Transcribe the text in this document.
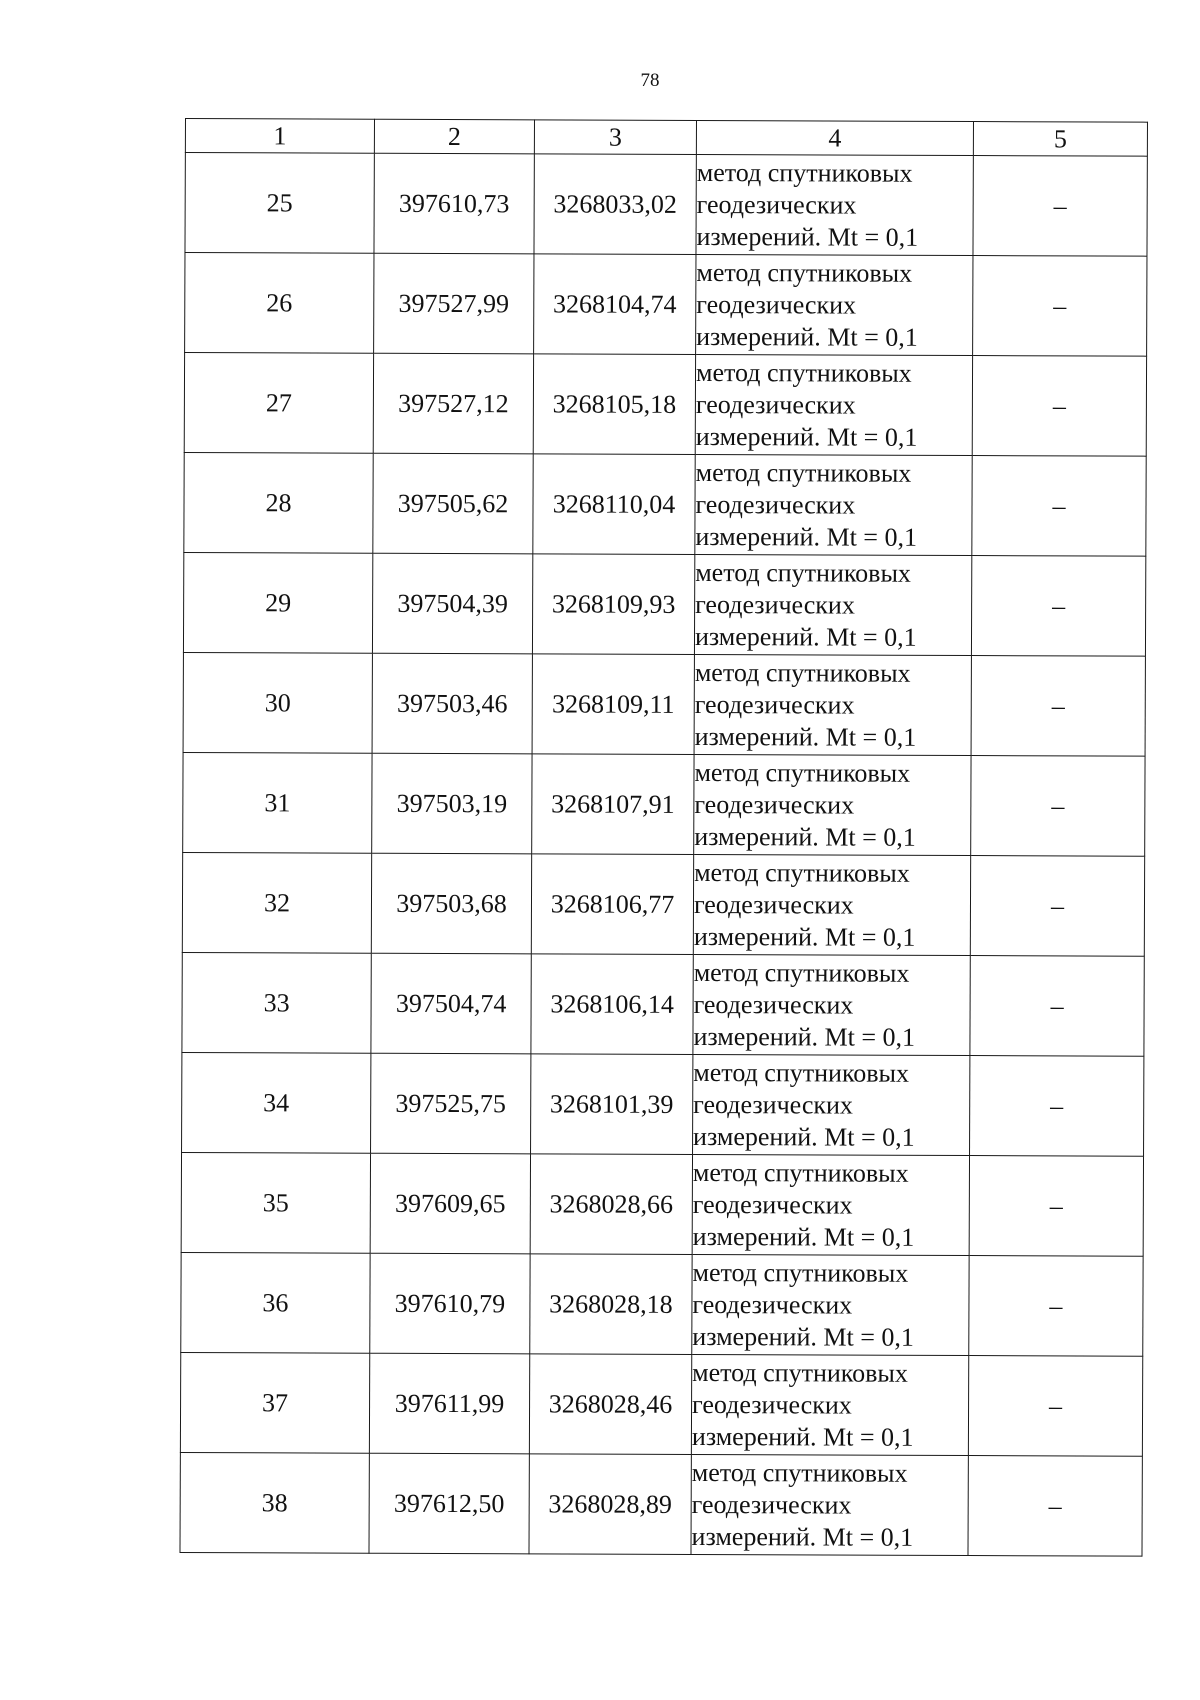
78
1	2	3	4	5
25	397610,73	3268033,02	метод спутниковых
геодезических
измерений. Mt = 0,1	–
26	397527,99	3268104,74	метод спутниковых
геодезических
измерений. Mt = 0,1	–
27	397527,12	3268105,18	метод спутниковых
геодезических
измерений. Mt = 0,1	–
28	397505,62	3268110,04	метод спутниковых
геодезических
измерений. Mt = 0,1	–
29	397504,39	3268109,93	метод спутниковых
геодезических
измерений. Mt = 0,1	–
30	397503,46	3268109,11	метод спутниковых
геодезических
измерений. Mt = 0,1	–
31	397503,19	3268107,91	метод спутниковых
геодезических
измерений. Mt = 0,1	–
32	397503,68	3268106,77	метод спутниковых
геодезических
измерений. Mt = 0,1	–
33	397504,74	3268106,14	метод спутниковых
геодезических
измерений. Mt = 0,1	–
34	397525,75	3268101,39	метод спутниковых
геодезических
измерений. Mt = 0,1	–
35	397609,65	3268028,66	метод спутниковых
геодезических
измерений. Mt = 0,1	–
36	397610,79	3268028,18	метод спутниковых
геодезических
измерений. Mt = 0,1	–
37	397611,99	3268028,46	метод спутниковых
геодезических
измерений. Mt = 0,1	–
38	397612,50	3268028,89	метод спутниковых
геодезических
измерений. Mt = 0,1	–
